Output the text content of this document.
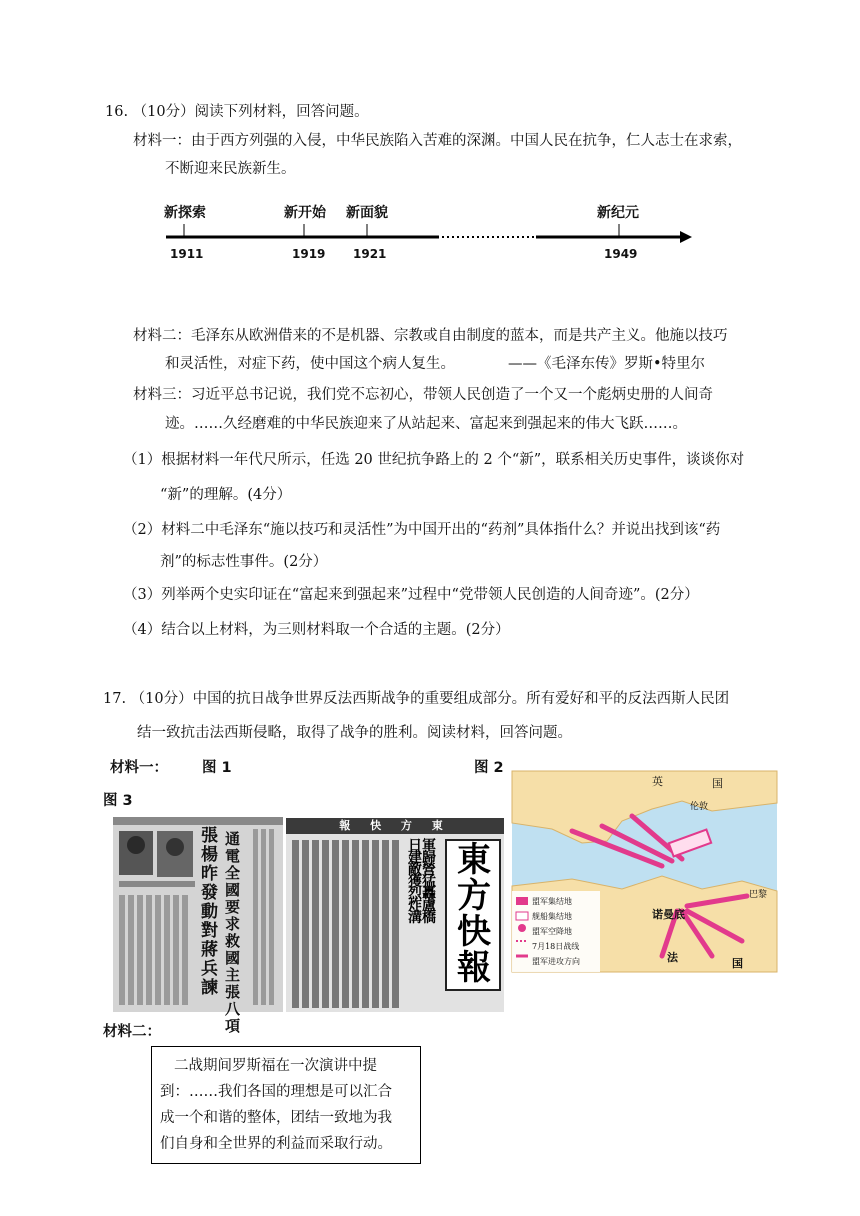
16. （10分）阅读下列材料，回答问题。
材料一：由于西方列强的入侵，中华民族陷入苦难的深渊。中国人民在抗争，仁人志士在求索，
不断迎来民族新生。
新探索	新开始 新面貌	新纪元
1911	1919 1921	1949
材料二：毛泽东从欧洲借来的不是机器、宗教或自由制度的蓝本，而是共产主义。他施以技巧
和灵活性，对症下药，使中国这个病人复生。	——《毛泽东传》罗斯•特里尔
材料三：习近平总书记说，我们党不忘初心，带领人民创造了一个又一个彪炳史册的人间奇
迹。……久经磨难的中华民族迎来了从站起来、富起来到强起来的伟大飞跃……。
（1）根据材料一年代尺所示，任选 20 世纪抗争路上的 2 个“新”，联系相关历史事件，谈谈你对
“新”的理解。(4分）
（2）材料二中毛泽东“施以技巧和灵活性”为中国开出的“药剂”具体指什么？并说出找到该“药
剂”的标志性事件。(2分）
（3）列举两个史实印证在“富起来到强起来”过程中“党带领人民创造的人间奇迹”。(2分）
（4）结合以上材料，为三则材料取一个合适的主题。(2分）
17. （10分）中国的抗日战争世界反法西斯战争的重要组成部分。所有爱好和平的反法西斯人民团
结一致抗击法西斯侵略，取得了战争的胜利。阅读材料，回答问题。
材料一： 图 1	图 2
图 3
張楊昨發動對蔣兵諫
通電全國要求救國主張八項
報 快 方 東
東方快報
日軍建歸敵營獲猛烈轟炸盧溝橋
英	国
伦敦
法	国
诺曼底
巴黎
盟军集结地
舰船集结地
盟军空降地
7月18日战线
盟军进攻方向
材料二：
二战期间罗斯福在一次演讲中提
到：……我们各国的理想是可以汇合
成一个和谐的整体，团结一致地为我
们自身和全世界的利益而采取行动。
